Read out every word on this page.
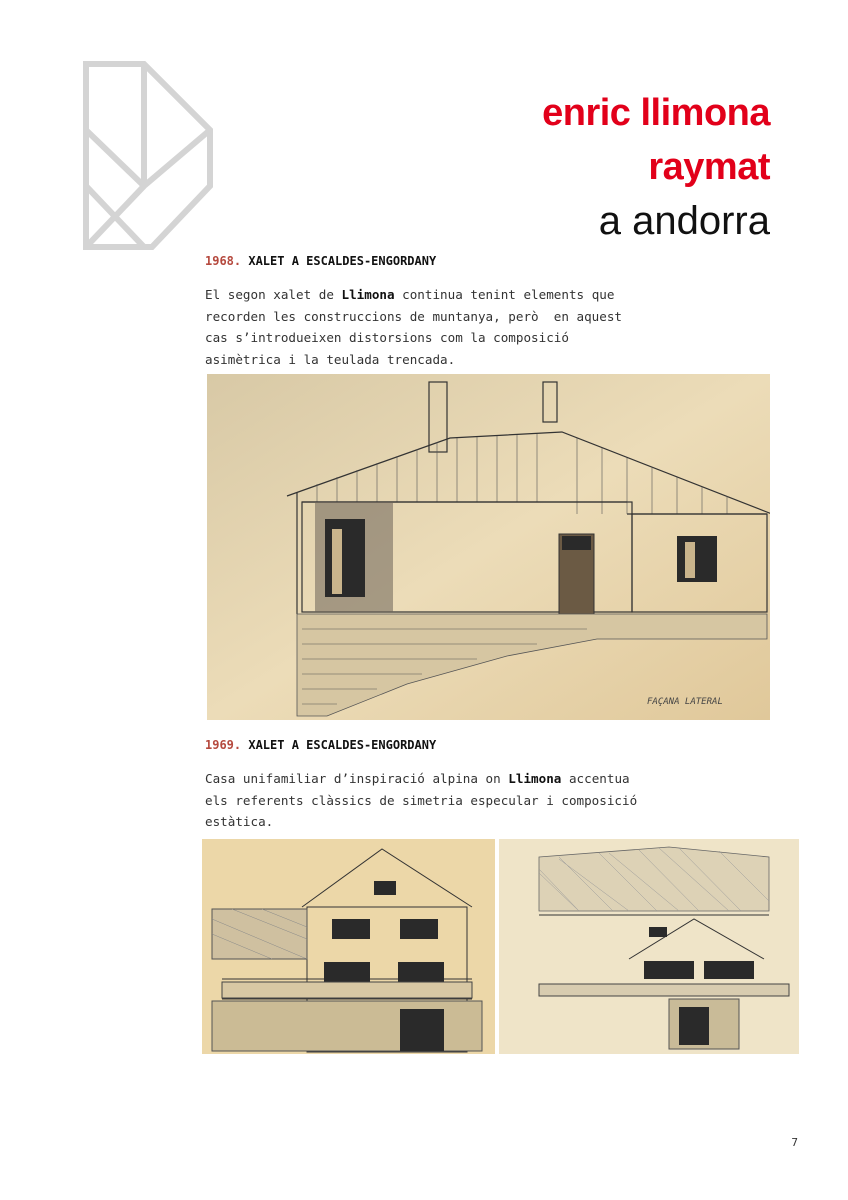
enric llimona
raymat
a andorra
1968. XALET A ESCALDES-ENGORDANY
El segon xalet de Llimona continua tenint elements que
recorden les construccions de muntanya, però  en aquest
cas s’introdueixen distorsions com la composició
asimètrica i la teulada trencada.
FAÇANA LATERAL
1969. XALET A ESCALDES-ENGORDANY
Casa unifamiliar d’inspiració alpina on Llimona accentua
els referents clàssics de simetria especular i composició
estàtica.
7
